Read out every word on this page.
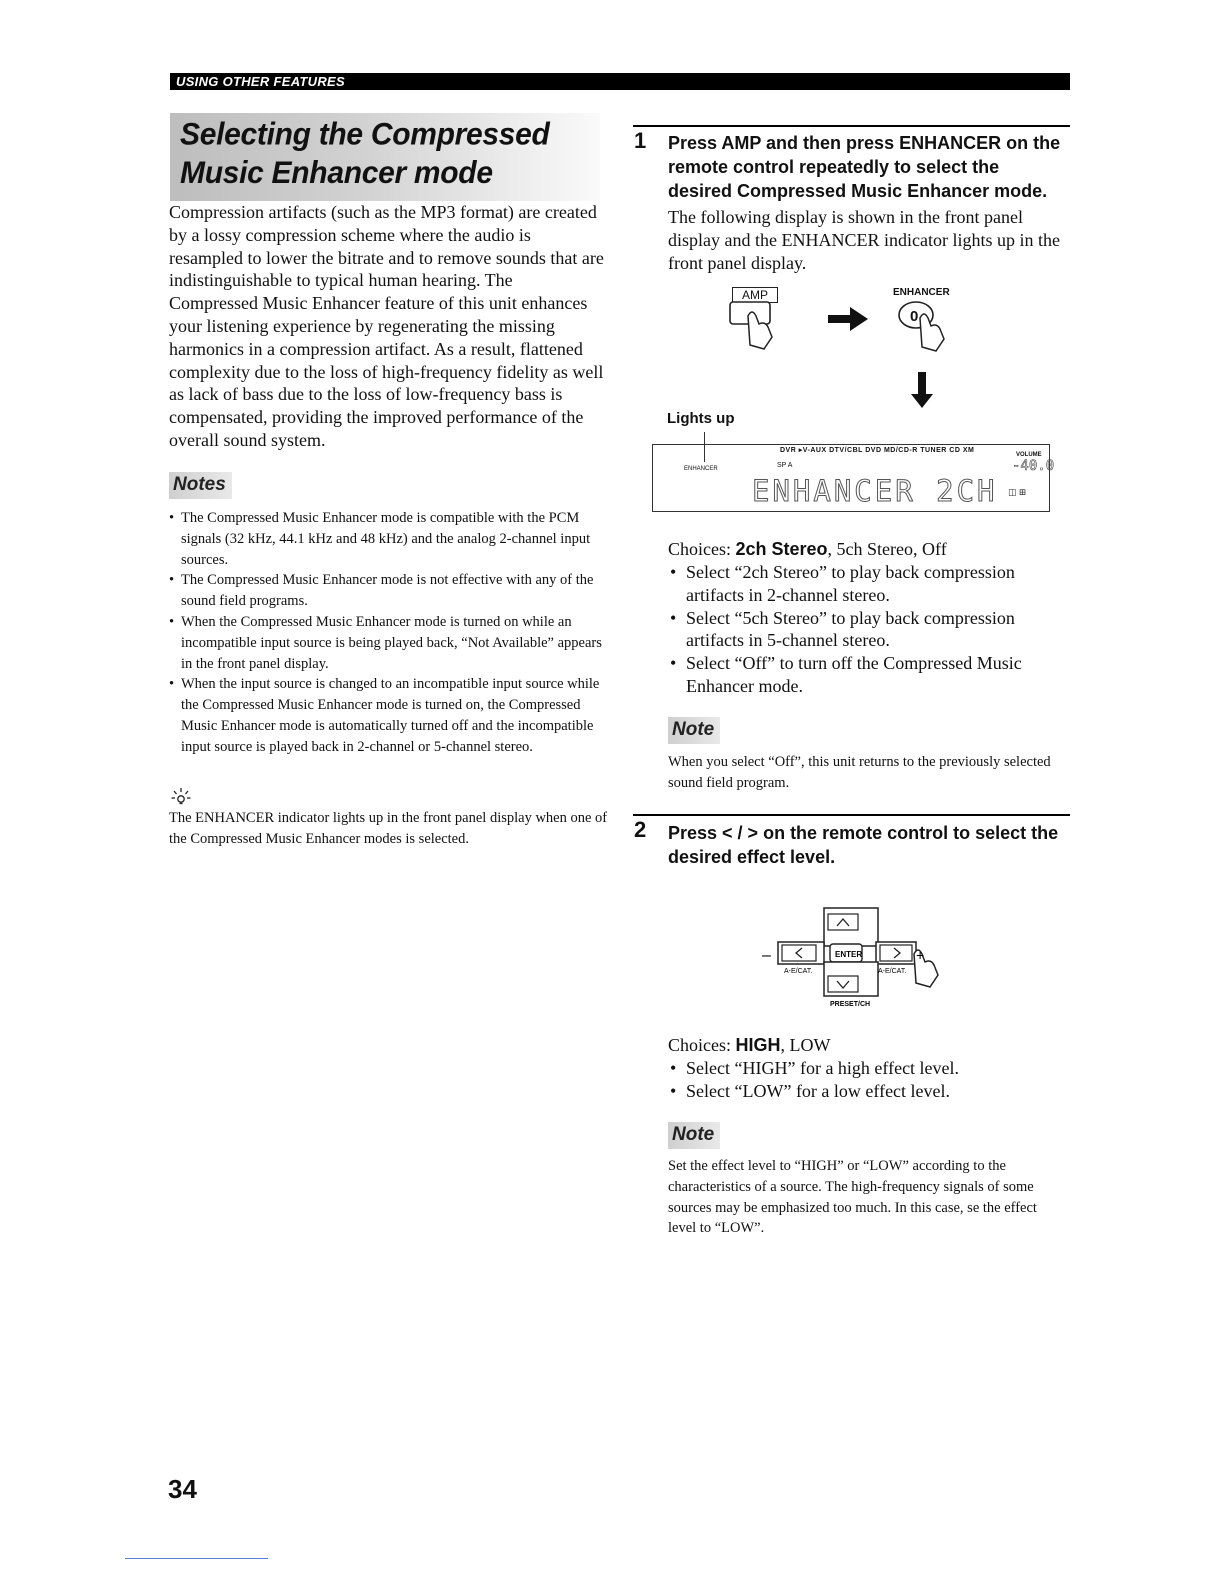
USING OTHER FEATURES
Selecting the Compressed Music Enhancer mode
Compression artifacts (such as the MP3 format) are created by a lossy compression scheme where the audio is resampled to lower the bitrate and to remove sounds that are indistinguishable to typical human hearing. The Compressed Music Enhancer feature of this unit enhances your listening experience by regenerating the missing harmonics in a compression artifact. As a result, flattened complexity due to the loss of high-frequency fidelity as well as lack of bass due to the loss of low-frequency bass is compensated, providing the improved performance of the overall sound system.
Notes
• The Compressed Music Enhancer mode is compatible with the PCM signals (32 kHz, 44.1 kHz and 48 kHz) and the analog 2-channel input sources.
• The Compressed Music Enhancer mode is not effective with any of the sound field programs.
• When the Compressed Music Enhancer mode is turned on while an incompatible input source is being played back, “Not Available” appears in the front panel display.
• When the input source is changed to an incompatible input source while the Compressed Music Enhancer mode is turned on, the Compressed Music Enhancer mode is automatically turned off and the incompatible input source is played back in 2-channel or 5-channel stereo.
The ENHANCER indicator lights up in the front panel display when one of the Compressed Music Enhancer modes is selected.
1 Press AMP and then press ENHANCER on the remote control repeatedly to select the desired Compressed Music Enhancer mode.
The following display is shown in the front panel display and the ENHANCER indicator lights up in the front panel display.
AMP	ENHANCER
0
Lights up
DVR ▸V-AUX DTV/CBL DVD MD/CD-R TUNER CD XM
ENHANCER	SP A
ENHANCER 2CH
VOLUME
-40.0
◫ ⊞
Choices: 2ch Stereo, 5ch Stereo, Off
• Select “2ch Stereo” to play back compression artifacts in 2-channel stereo.
• Select “5ch Stereo” to play back compression artifacts in 5-channel stereo.
• Select “Off” to turn off the Compressed Music Enhancer mode.
Note
When you select “Off”, this unit returns to the previously selected sound field program.
2 Press < / > on the remote control to select the desired effect level.
ENTER
–	+
A-E/CAT.	A-E/CAT.
PRESET/CH
Choices: HIGH, LOW
• Select “HIGH” for a high effect level.
• Select “LOW” for a low effect level.
Note
Set the effect level to “HIGH” or “LOW” according to the characteristics of a source. The high-frequency signals of some sources may be emphasized too much. In this case, se the effect level to “LOW”.
34
